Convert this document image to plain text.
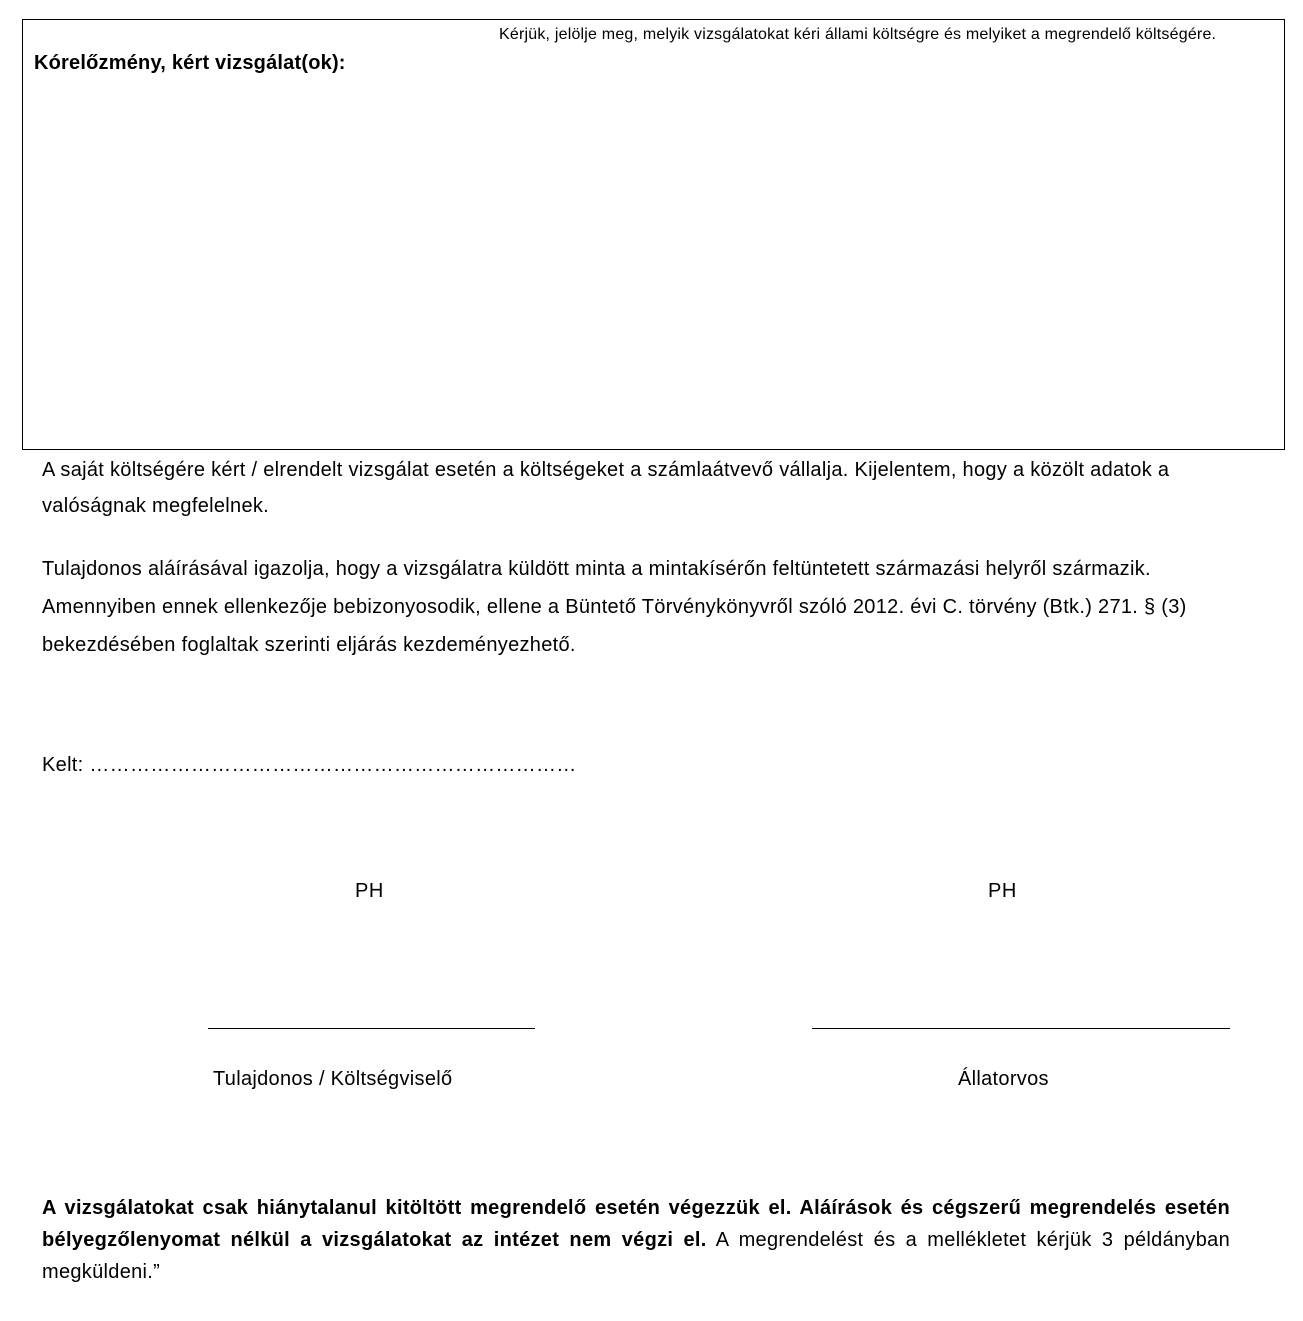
Kórelőzmény, kért vizsgálat(ok):
Kérjük, jelölje meg, melyik vizsgálatokat kéri állami költségre és melyiket a megrendelő költségére.
A saját költségére kért / elrendelt vizsgálat esetén a költségeket a számlaátvevő vállalja. Kijelentem, hogy a közölt adatok a valóságnak megfelelnek.
Tulajdonos aláírásával igazolja, hogy a vizsgálatra küldött minta a mintakísérőn feltüntetett származási helyről származik. Amennyiben ennek ellenkezője bebizonyosodik, ellene a Büntető Törvénykönyvről szóló 2012. évi C. törvény (Btk.) 271. § (3) bekezdésében foglaltak szerinti eljárás kezdeményezhető.
Kelt: ………………………………………………………………
PH	PH
Tulajdonos / Költségviselő	Állatorvos
A vizsgálatokat csak hiánytalanul kitöltött megrendelő esetén végezzük el. Aláírások és cégszerű megrendelés esetén bélyegzőlenyomat nélkül a vizsgálatokat az intézet nem végzi el. A megrendelést és a mellékletet kérjük 3 példányban megküldeni.”
